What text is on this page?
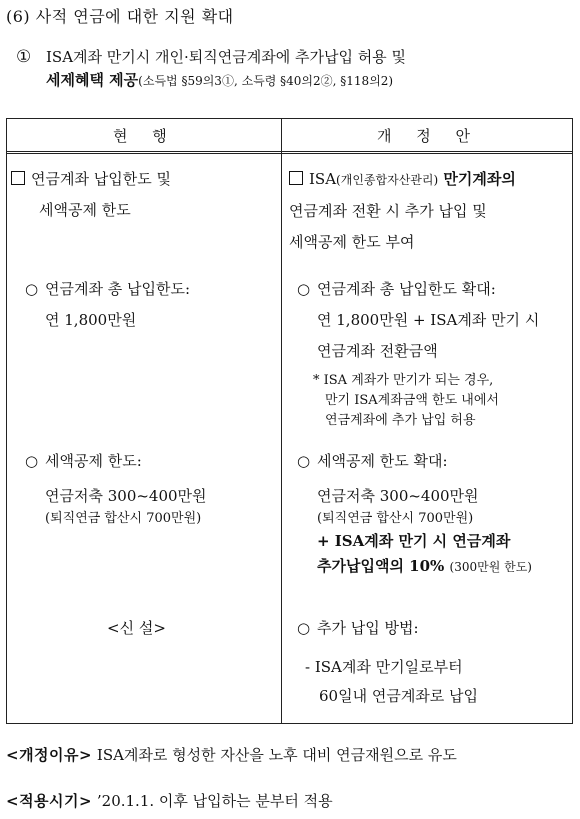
(6) 사적 연금에 대한 지원 확대
① ISA계좌 만기시 개인·퇴직연금계좌에 추가납입 허용 및
세제혜택 제공(소득법 §59의3①, 소득령 §40의2②, §118의2)
현 행	개 정 안
연금계좌 납입한도 및
세액공제 한도
○ 연금계좌 총 납입한도:
연 1,800만원
○ 세액공제 한도:
연금저축 300~400만원
(퇴직연금 합산시 700만원)
<신 설>
ISA(개인종합자산관리) 만기계좌의
연금계좌 전환 시 추가 납입 및
세액공제 한도 부여
○ 연금계좌 총 납입한도 확대:
연 1,800만원 + ISA계좌 만기 시
연금계좌 전환금액
* ISA 계좌가 만기가 되는 경우,
만기 ISA계좌금액 한도 내에서
연금계좌에 추가 납입 허용
○ 세액공제 한도 확대:
연금저축 300~400만원
(퇴직연금 합산시 700만원)
+ ISA계좌 만기 시 연금계좌
추가납입액의 10% (300만원 한도)
○ 추가 납입 방법:
- ISA계좌 만기일로부터
60일내 연금계좌로 납입
<개정이유> ISA계좌로 형성한 자산을 노후 대비 연금재원으로 유도
<적용시기> ’20.1.1. 이후 납입하는 분부터 적용
